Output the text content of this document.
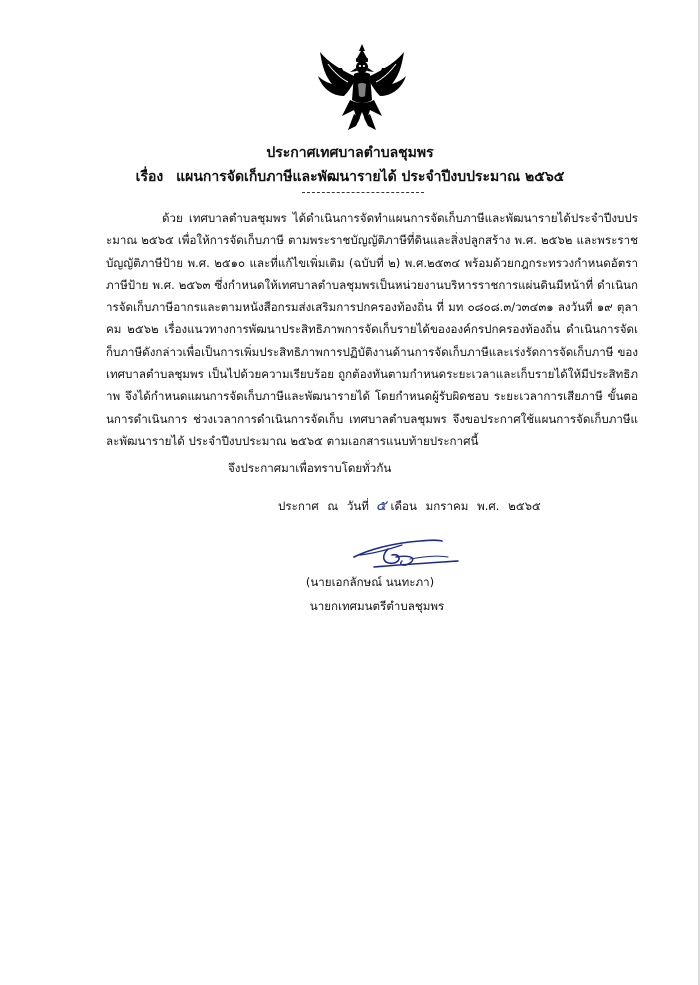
ประกาศเทศบาลตำบลชุมพร
เรื่อง แผนการจัดเก็บภาษีและพัฒนารายได้ ประจำปีงบประมาณ ๒๕๖๕
ด้วย เทศบาลตำบลชุมพร ได้ดำเนินการจัดทำแผนการจัดเก็บภาษีและพัฒนารายได้ประจำปีงบประมาณ ๒๕๖๕ เพื่อให้การจัดเก็บภาษี ตามพระราชบัญญัติภาษีที่ดินและสิ่งปลูกสร้าง พ.ศ. ๒๕๖๒ และพระราชบัญญัติภาษีป้าย พ.ศ. ๒๕๑๐ และที่แก้ไขเพิ่มเติม (ฉบับที่ ๒) พ.ศ.๒๕๓๔ พร้อมด้วยกฎกระทรวงกำหนดอัตราภาษีป้าย พ.ศ. ๒๕๖๓ ซึ่งกำหนดให้เทศบาลตำบลชุมพรเป็นหน่วยงานบริหารราชการแผ่นดินมีหน้าที่ ดำเนินการจัดเก็บภาษีอากรและตามหนังสือกรมส่งเสริมการปกครองท้องถิ่น ที่ มท ๐๘๐๘.๓/ว๓๔๓๑ ลงวันที่ ๑๙ ตุลาคม ๒๕๖๒ เรื่องแนวทางการพัฒนาประสิทธิภาพการจัดเก็บรายได้ขององค์กรปกครองท้องถิ่น ดำเนินการจัดเก็บภาษีดังกล่าวเพื่อเป็นการเพิ่มประสิทธิภาพการปฏิบัติงานด้านการจัดเก็บภาษีและเร่งรัดการจัดเก็บภาษี ของเทศบาลตำบลชุมพร เป็นไปด้วยความเรียบร้อย ถูกต้องทันตามกำหนดระยะเวลาและเก็บรายได้ให้มีประสิทธิภาพ จึงได้กำหนดแผนการจัดเก็บภาษีและพัฒนารายได้ โดยกำหนดผู้รับผิดชอบ ระยะเวลาการเสียภาษี ขั้นตอนการดำเนินการ ช่วงเวลาการดำเนินการจัดเก็บ เทศบาลตำบลชุมพร จึงขอประกาศใช้แผนการจัดเก็บภาษีและพัฒนารายได้ ประจำปีงบประมาณ ๒๕๖๕ ตามเอกสารแนบท้ายประกาศนี้
จึงประกาศมาเพื่อทราบโดยทั่วกัน
ประกาศ ณ วันที่ ๕ เดือน มกราคม พ.ศ. ๒๕๖๕
(นายเอกลักษณ์ นนทะภา)
นายกเทศมนตรีตำบลชุมพร
